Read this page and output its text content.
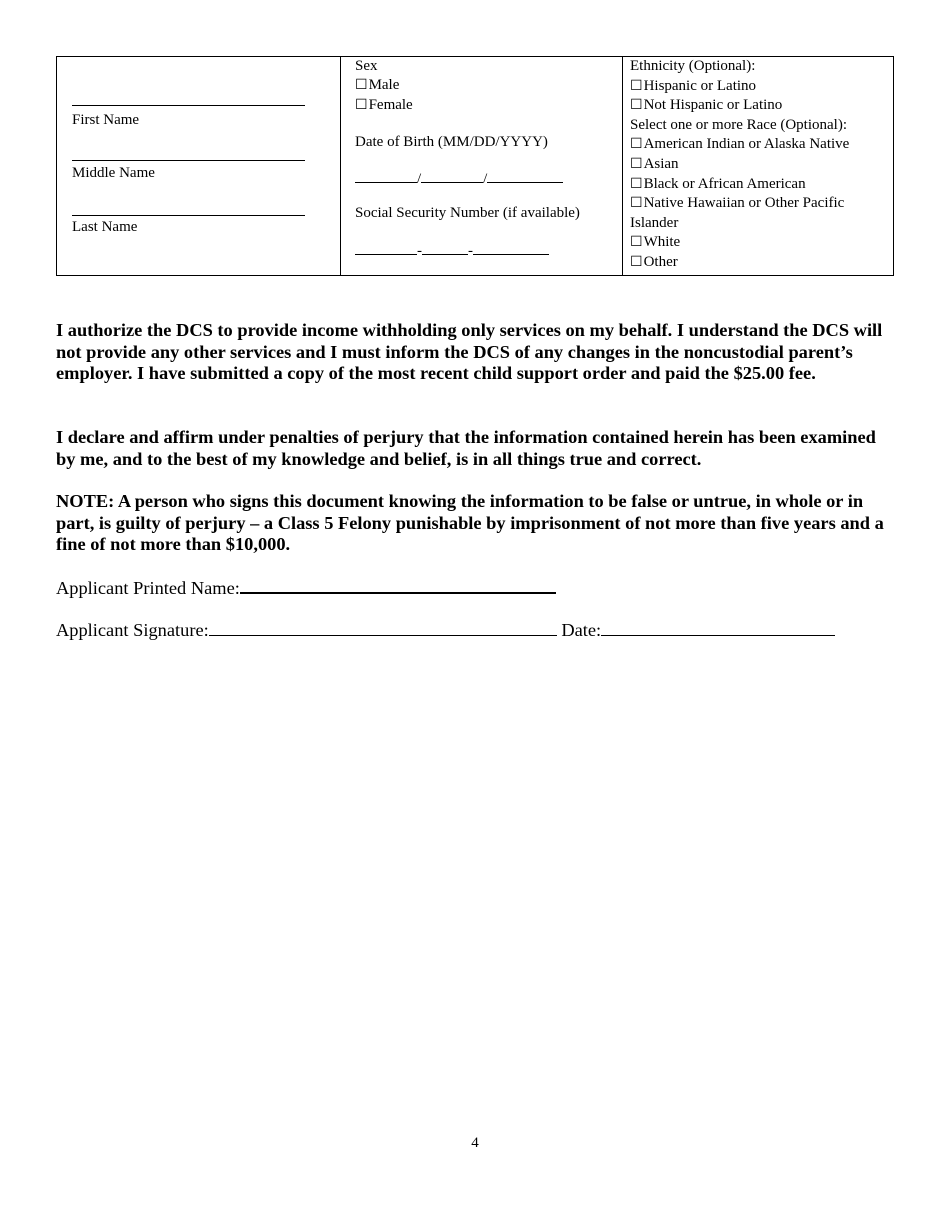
First Name
Middle Name
Last Name

Sex
☐Male
☐Female
Date of Birth (MM/DD/YYYY)
/	/
Social Security Number (if available)
-	-

Ethnicity (Optional):
☐Hispanic or Latino
☐Not Hispanic or Latino
Select one or more Race (Optional):
☐American Indian or Alaska Native
☐Asian
☐Black or African American
☐Native Hawaiian or Other Pacific
Islander
☐White
☐Other

I authorize the DCS to provide income withholding only services on my behalf. I understand the DCS will not provide any other services and I must inform the DCS of any changes in the noncustodial parent’s employer. I have submitted a copy of the most recent child support order and paid the $25.00 fee.

I declare and affirm under penalties of perjury that the information contained herein has been examined by me, and to the best of my knowledge and belief, is in all things true and correct.

NOTE: A person who signs this document knowing the information to be false or untrue, in whole or in part, is guilty of perjury – a Class 5 Felony punishable by imprisonment of not more than five years and a fine of not more than $10,000.

Applicant Printed Name:
Applicant Signature:	Date:
4
